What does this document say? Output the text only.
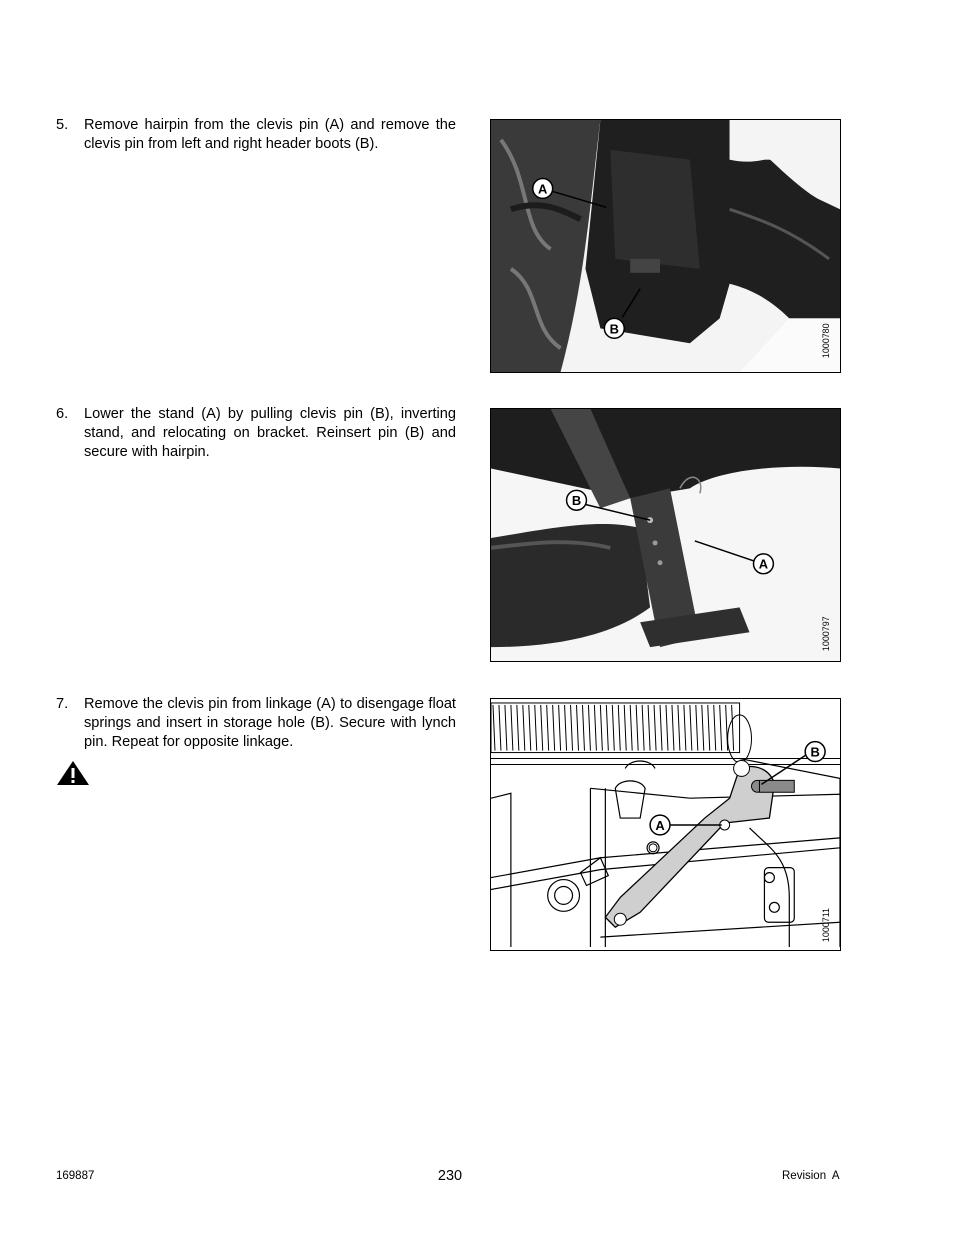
5. Remove hairpin from the clevis pin (A) and remove the clevis pin from left and right header boots (B).
A
B	1000780
6. Lower the stand (A) by pulling clevis pin (B), inverting stand, and relocating on bracket. Reinsert pin (B) and secure with hairpin.
B
A
1000797
7. Remove the clevis pin from linkage (A) to disengage float springs and insert in storage hole (B). Secure with lynch pin. Repeat for opposite linkage.
B
A
1000711
169887	230	Revision  A
